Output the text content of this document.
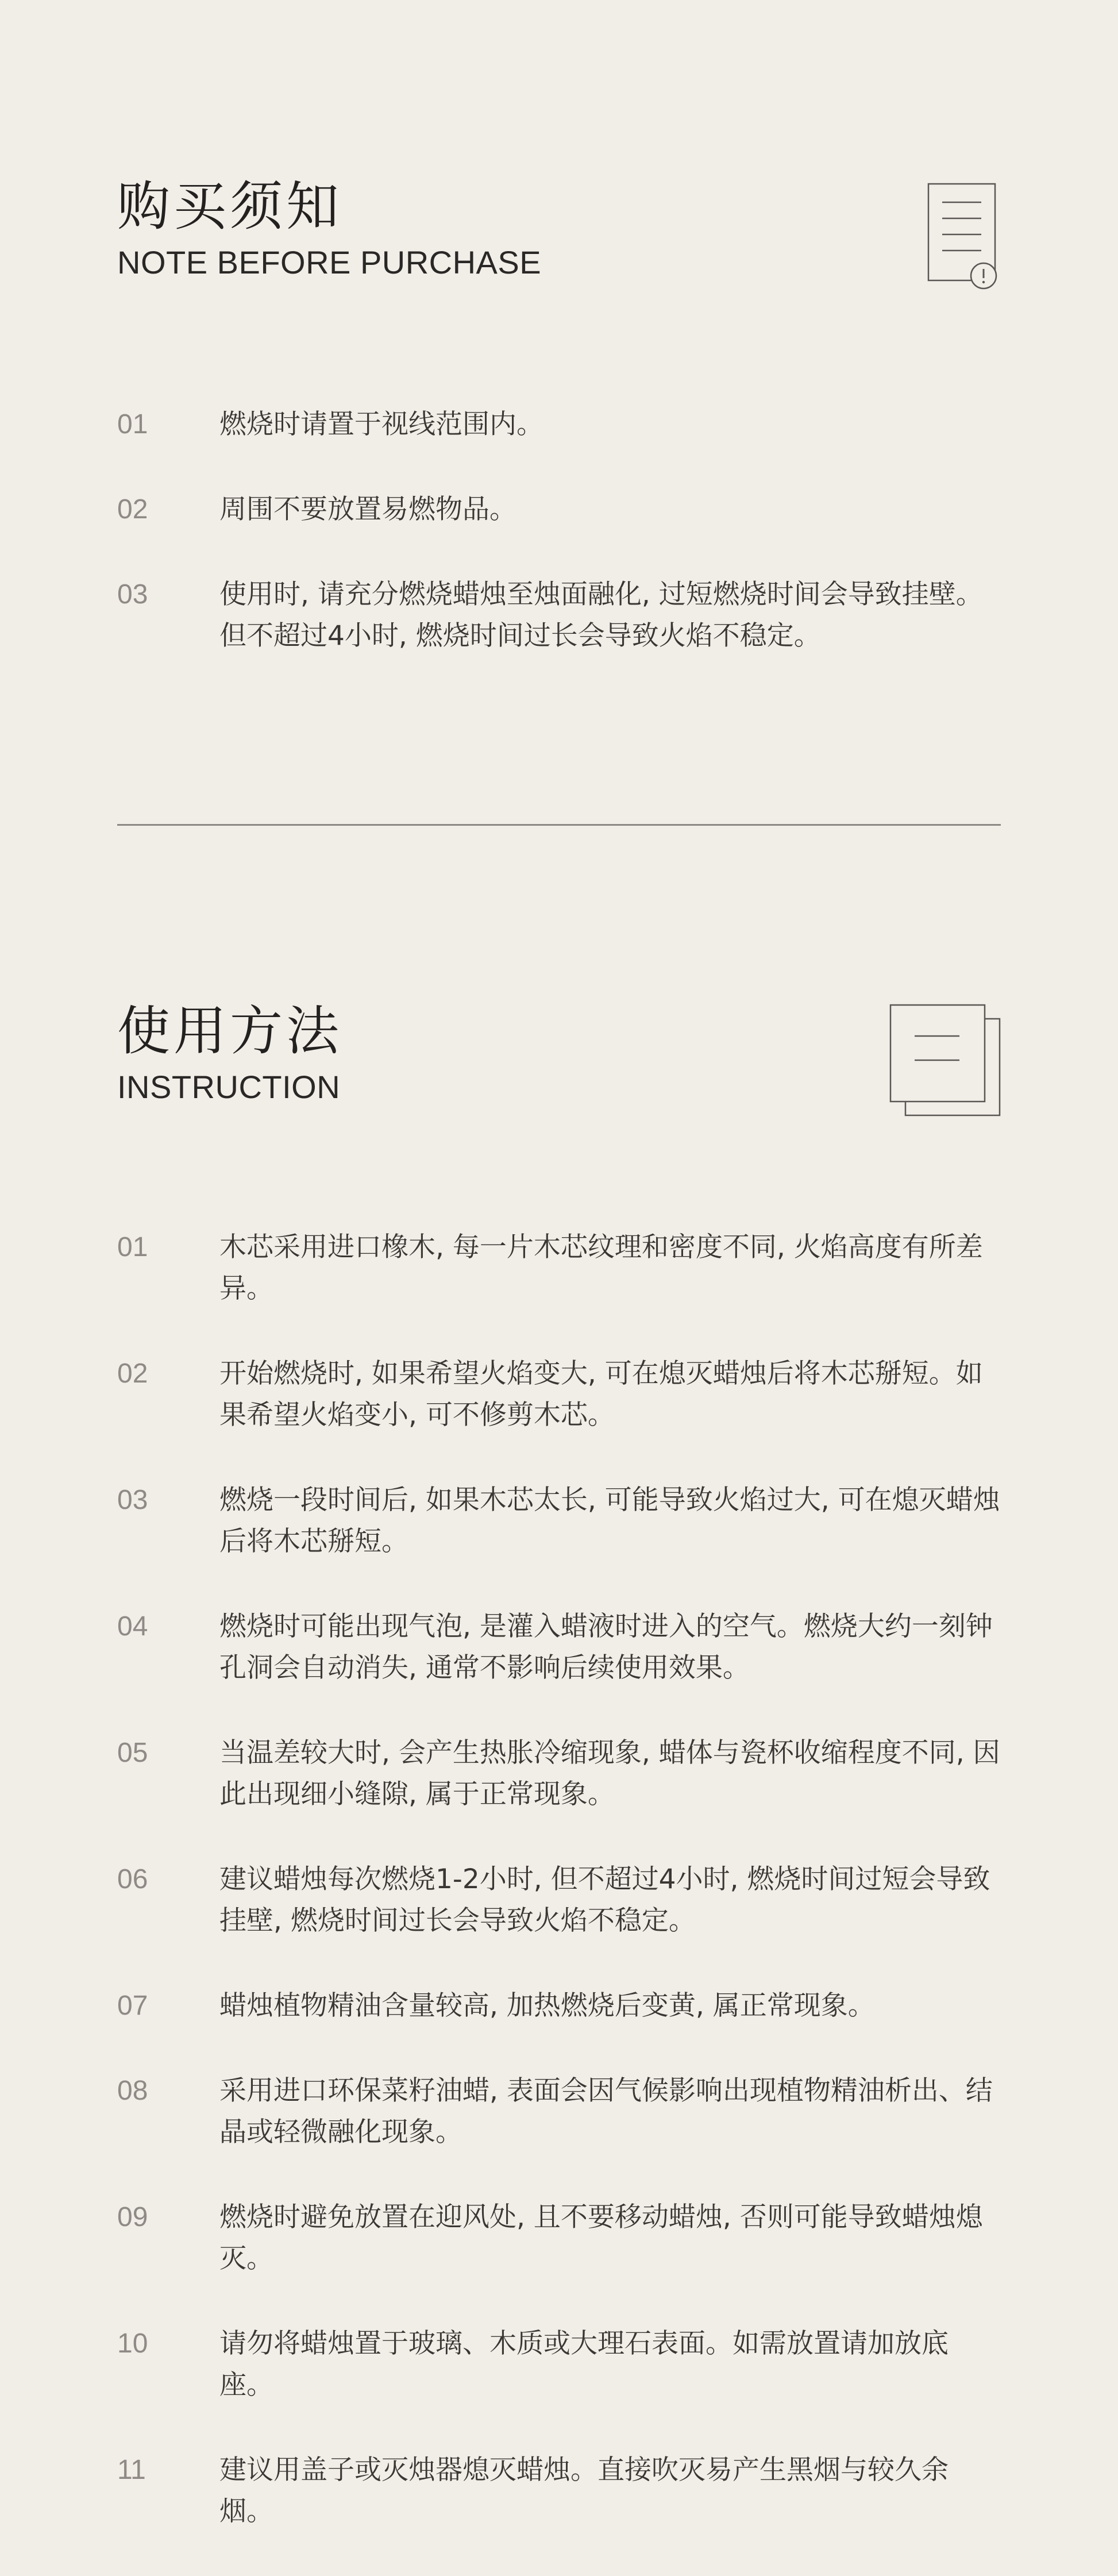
购买须知
NOTE BEFORE PURCHASE
01	燃烧时请置于视线范围内。
02	周围不要放置易燃物品。
03	使用时, 请充分燃烧蜡烛至烛面融化, 过短燃烧时间会导致挂壁。但不超过4小时, 燃烧时间过长会导致火焰不稳定。
使用方法
INSTRUCTION
01	木芯采用进口橡木, 每一片木芯纹理和密度不同, 火焰高度有所差异。
02	开始燃烧时, 如果希望火焰变大, 可在熄灭蜡烛后将木芯掰短。如果希望火焰变小, 可不修剪木芯。
03	燃烧一段时间后, 如果木芯太长, 可能导致火焰过大, 可在熄灭蜡烛后将木芯掰短。
04	燃烧时可能出现气泡, 是灌入蜡液时进入的空气。燃烧大约一刻钟孔洞会自动消失, 通常不影响后续使用效果。
05	当温差较大时, 会产生热胀冷缩现象, 蜡体与瓷杯收缩程度不同, 因此出现细小缝隙, 属于正常现象。
06	建议蜡烛每次燃烧1-2小时, 但不超过4小时, 燃烧时间过短会导致挂壁, 燃烧时间过长会导致火焰不稳定。
07	蜡烛植物精油含量较高, 加热燃烧后变黄, 属正常现象。
08	采用进口环保菜籽油蜡, 表面会因气候影响出现植物精油析出、结晶或轻微融化现象。
09	燃烧时避免放置在迎风处, 且不要移动蜡烛, 否则可能导致蜡烛熄灭。
10	请勿将蜡烛置于玻璃、木质或大理石表面。如需放置请加放底座。
11	建议用盖子或灭烛器熄灭蜡烛。直接吹灭易产生黑烟与较久余烟。
